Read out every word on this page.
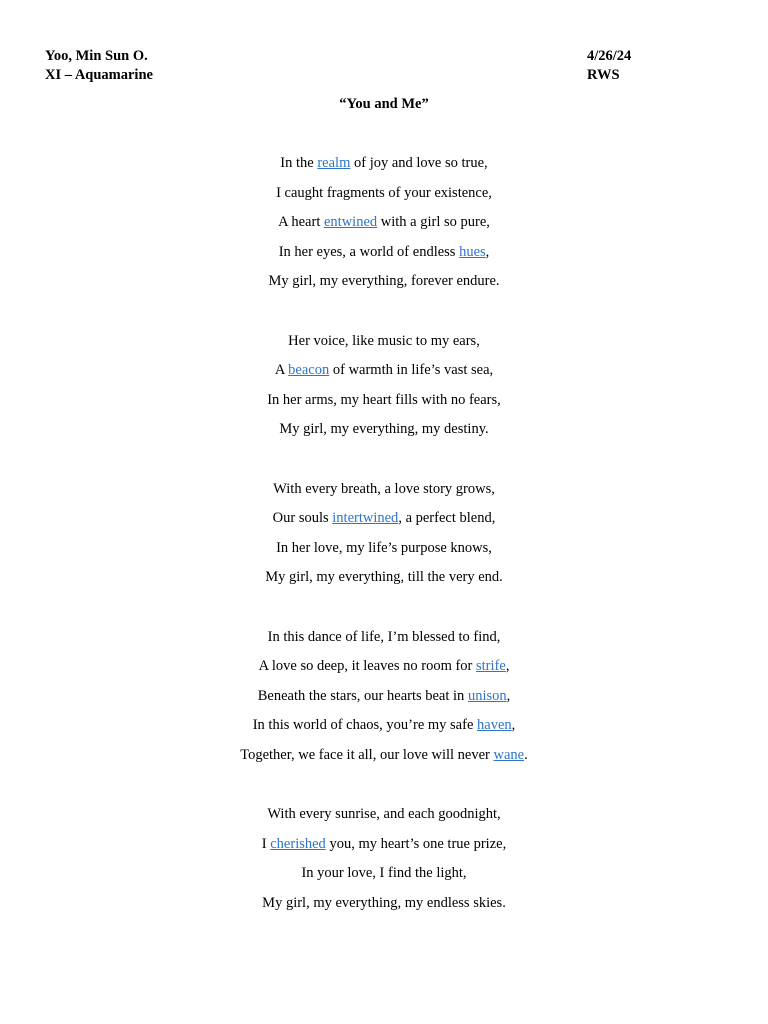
Yoo, Min Sun O.
XI – Aquamarine
4/26/24
RWS
“You and Me”
In the realm of joy and love so true,
I caught fragments of your existence,
A heart entwined with a girl so pure,
In her eyes, a world of endless hues,
My girl, my everything, forever endure.
Her voice, like music to my ears,
A beacon of warmth in life’s vast sea,
In her arms, my heart fills with no fears,
My girl, my everything, my destiny.
With every breath, a love story grows,
Our souls intertwined, a perfect blend,
In her love, my life’s purpose knows,
My girl, my everything, till the very end.
In this dance of life, I’m blessed to find,
A love so deep, it leaves no room for strife,
Beneath the stars, our hearts beat in unison,
In this world of chaos, you’re my safe haven,
Together, we face it all, our love will never wane.
With every sunrise, and each goodnight,
I cherished you, my heart’s one true prize,
In your love, I find the light,
My girl, my everything, my endless skies.
